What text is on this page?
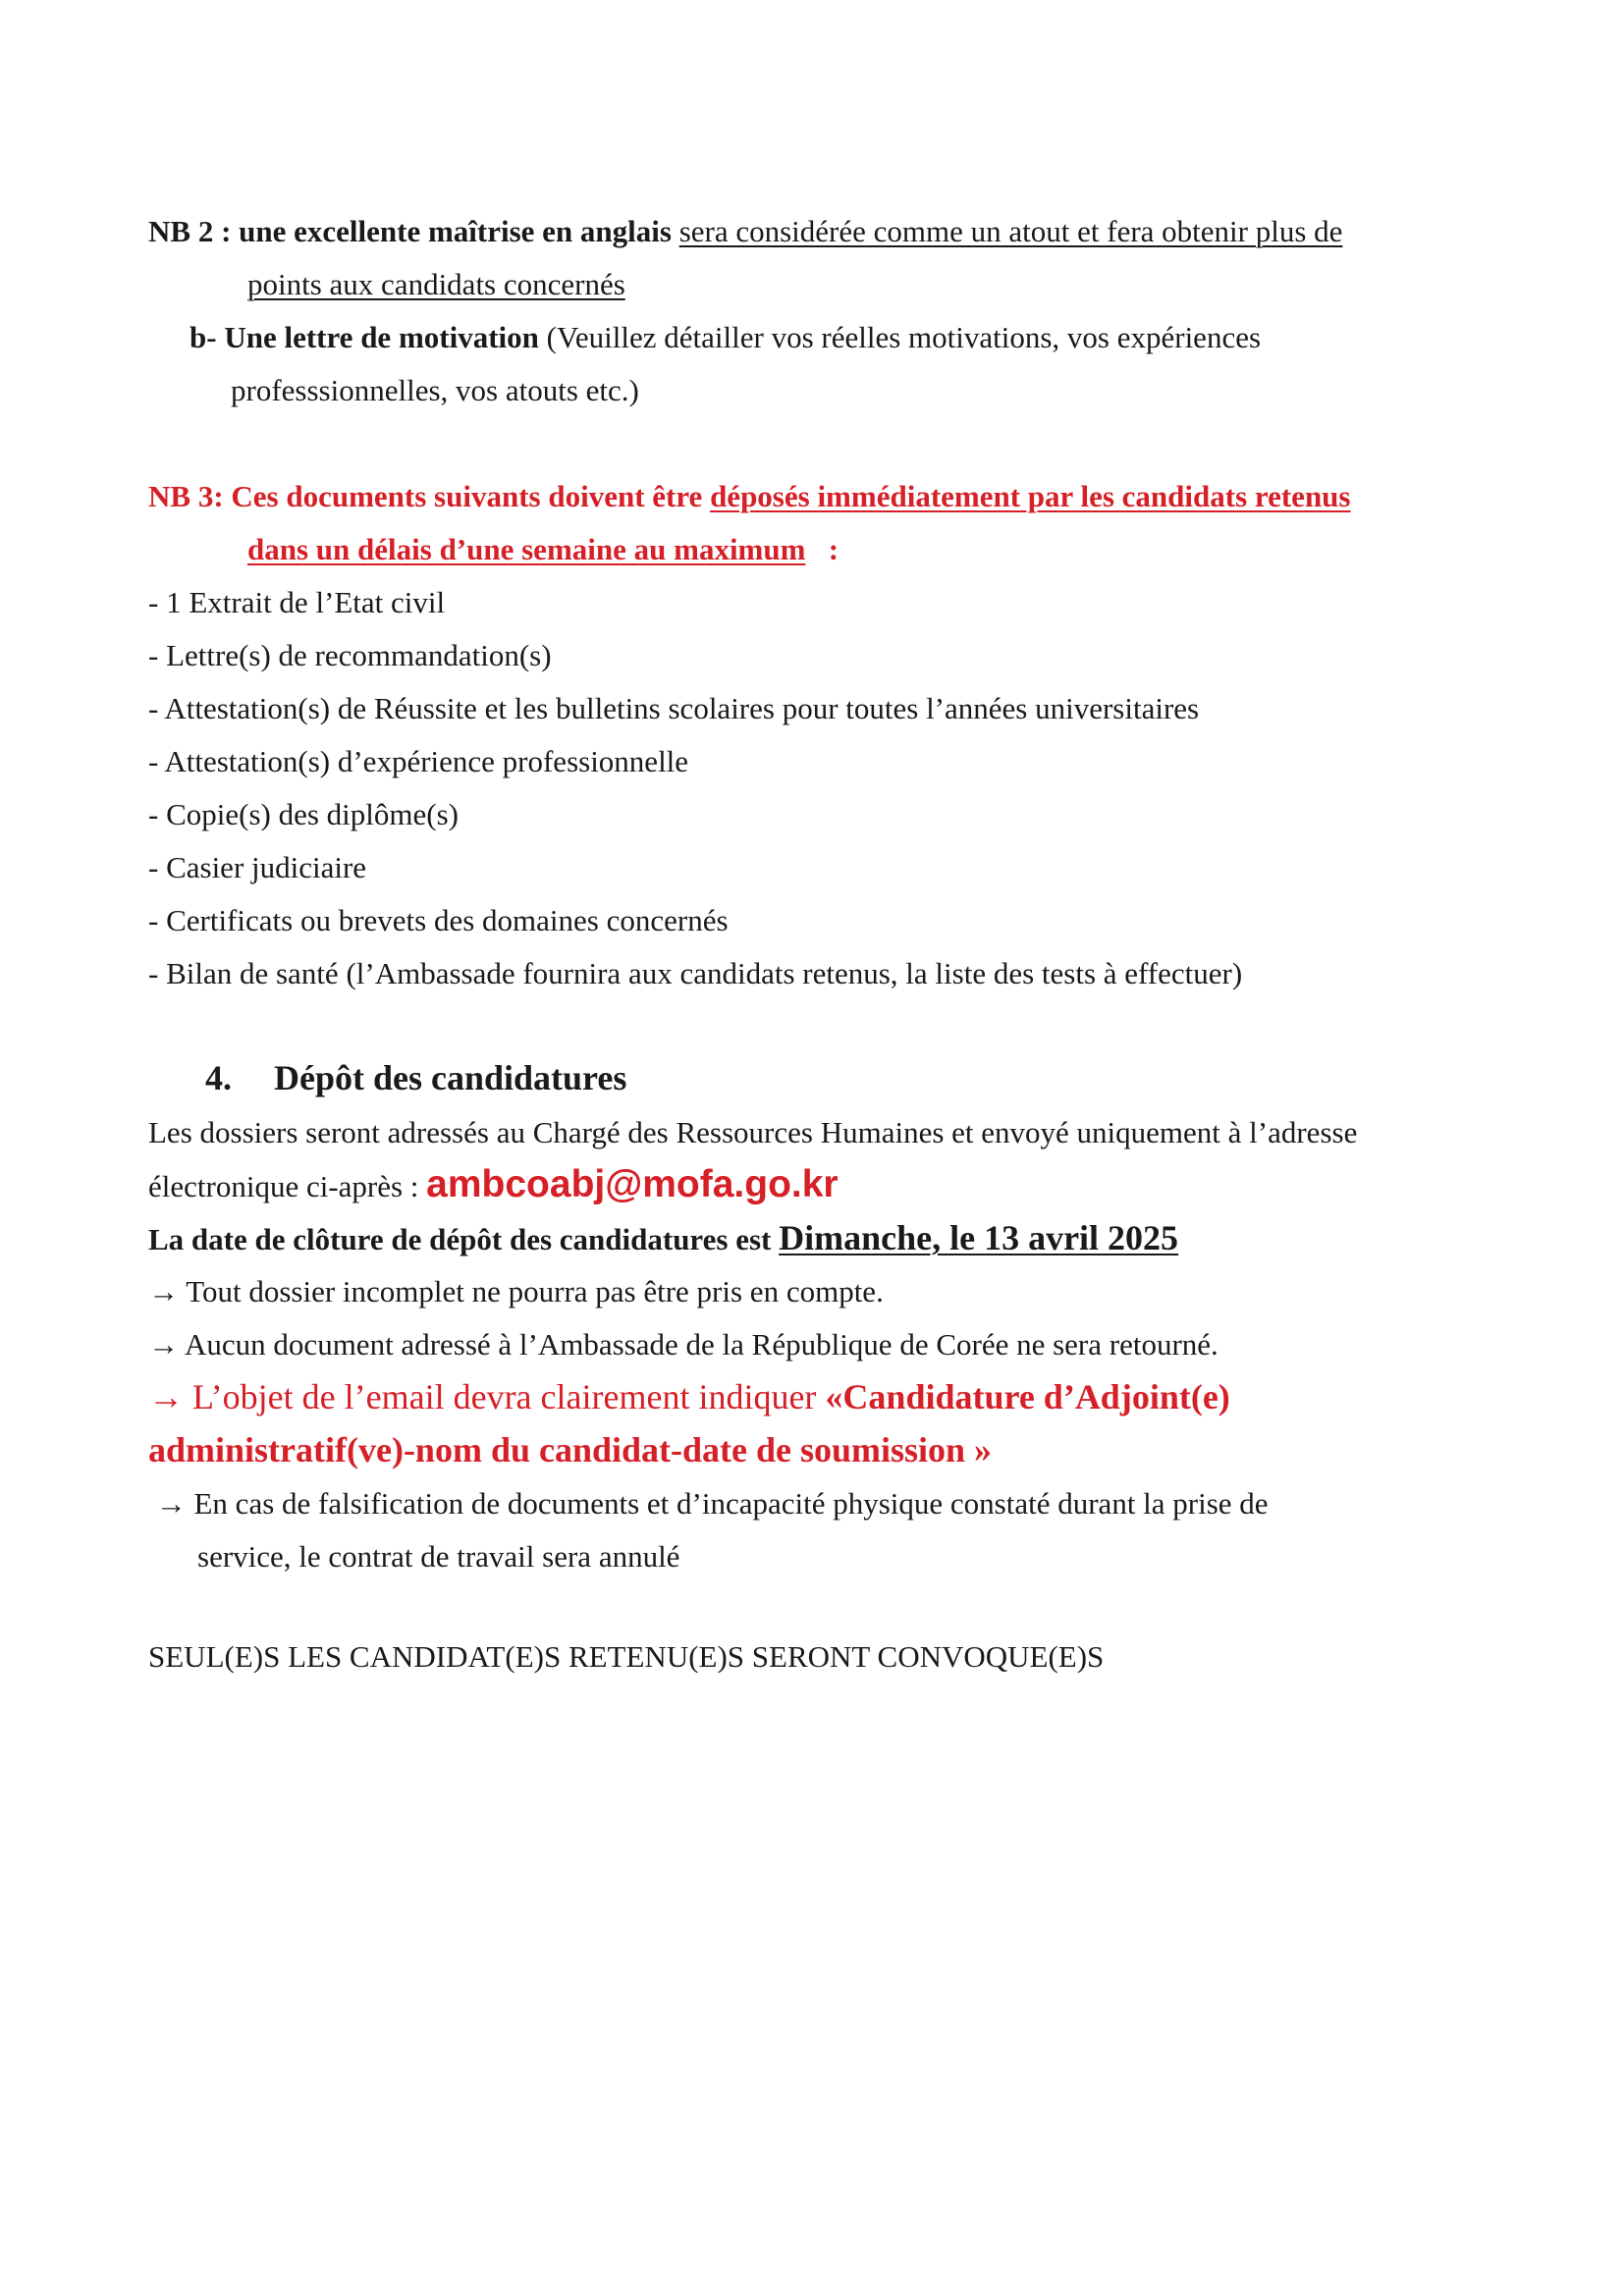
NB 2 : une excellente maîtrise en anglais sera considérée comme un atout et fera obtenir plus de
points aux candidats concernés
b- Une lettre de motivation (Veuillez détailler vos réelles motivations, vos expériences
professsionnelles, vos atouts etc.)
NB 3: Ces documents suivants doivent être déposés immédiatement par les candidats retenus
dans un délais d’une semaine au maximum   :
- 1 Extrait de l’Etat civil
- Lettre(s) de recommandation(s)
- Attestation(s) de Réussite et les bulletins scolaires pour toutes l’années universitaires
- Attestation(s) d’expérience professionnelle
- Copie(s) des diplôme(s)
- Casier judiciaire
- Certificats ou brevets des domaines concernés
- Bilan de santé (l’Ambassade fournira aux candidats retenus, la liste des tests à effectuer)
4. Dépôt des candidatures
Les dossiers seront adressés au Chargé des Ressources Humaines et envoyé uniquement à l’adresse
électronique ci-après : ambcoabj@mofa.go.kr
La date de clôture de dépôt des candidatures est Dimanche, le 13 avril 2025
→ Tout dossier incomplet ne pourra pas être pris en compte.
→ Aucun document adressé à l’Ambassade de la République de Corée ne sera retourné.
→ L’objet de l’email devra clairement indiquer «Candidature d’Adjoint(e)
administratif(ve)-nom du candidat-date de soumission »
→ En cas de falsification de documents et d’incapacité physique constaté durant la prise de
service, le contrat de travail sera annulé
SEUL(E)S LES CANDIDAT(E)S RETENU(E)S SERONT CONVOQUE(E)S
